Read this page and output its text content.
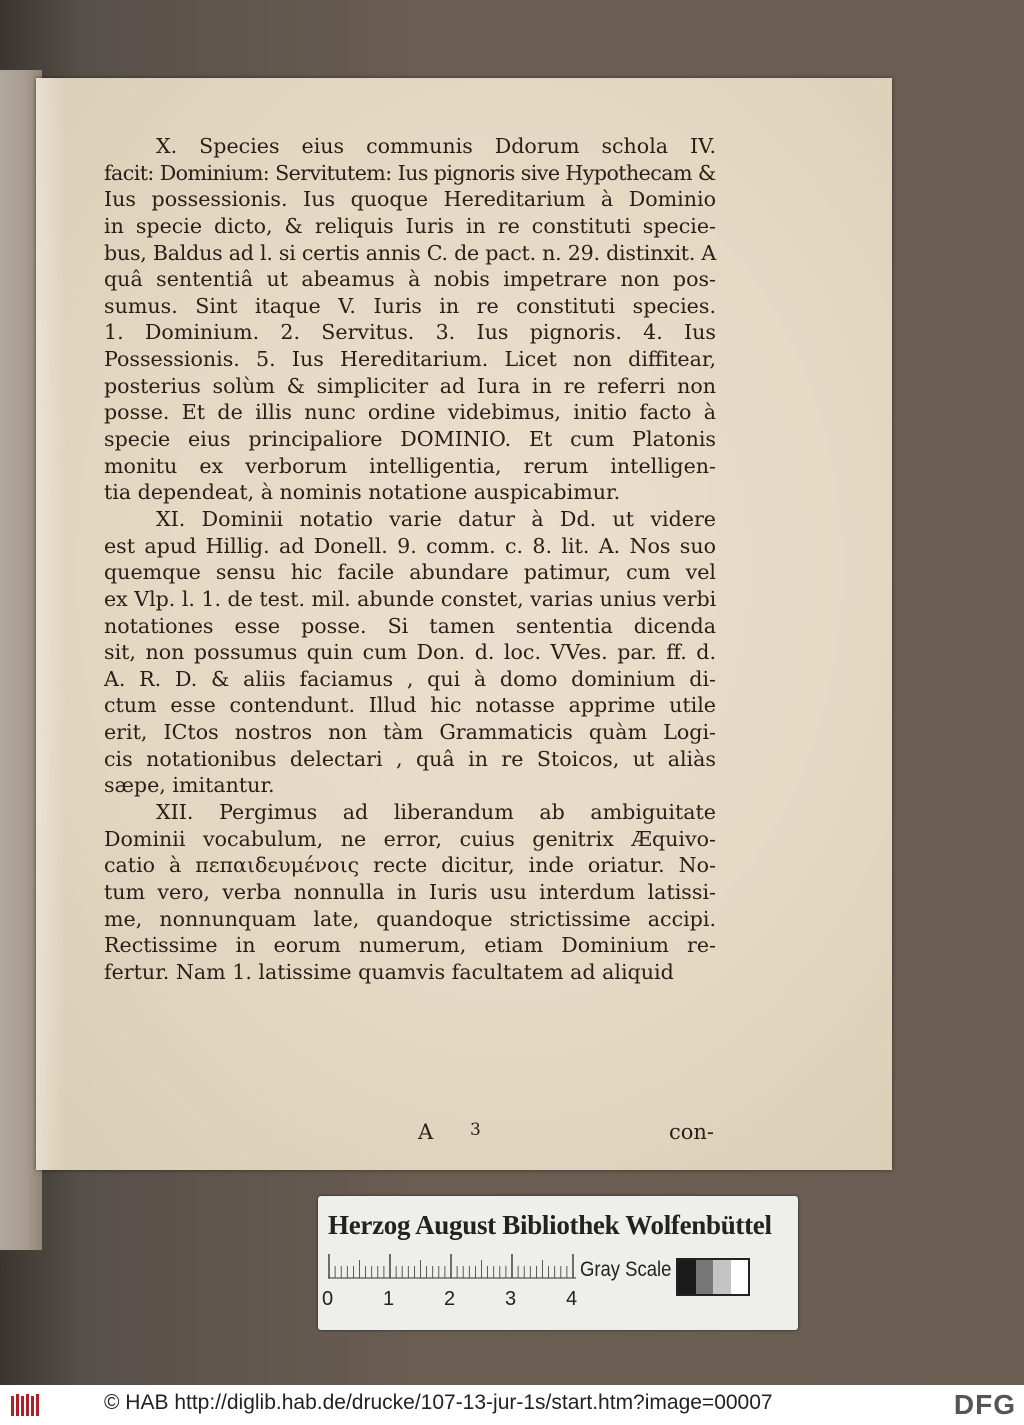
X. Species eius communis Ddorum schola IV.
facit: Dominium: Servitutem: Ius pignoris sive Hypothecam &
Ius possessionis. Ius quoque Hereditarium à Dominio
in specie dicto, & reliquis Iuris in re constituti specie-
bus, Baldus ad l. si certis annis C. de pact. n. 29. distinxit. A
quâ sententiâ ut abeamus à nobis impetrare non pos-
sumus. Sint itaque V. Iuris in re constituti species.
1. Dominium. 2. Servitus. 3. Ius pignoris. 4. Ius
Possessionis. 5. Ius Hereditarium. Licet non diffitear,
posterius solùm & simpliciter ad Iura in re referri non
posse. Et de illis nunc ordine videbimus, initio facto à
specie eius principaliore DOMINIO. Et cum Platonis
monitu ex verborum intelligentia, rerum intelligen-
tia dependeat, à nominis notatione auspicabimur.
XI. Dominii notatio varie datur à Dd. ut videre
est apud Hillig. ad Donell. 9. comm. c. 8. lit. A. Nos suo
quemque sensu hic facile abundare patimur, cum vel
ex Vlp. l. 1. de test. mil. abunde constet, varias unius verbi
notationes esse posse. Si tamen sententia dicenda
sit, non possumus quin cum Don. d. loc. VVes. par. ff. d.
A. R. D. & aliis faciamus , qui à domo dominium di-
ctum esse contendunt. Illud hic notasse apprime utile
erit, ICtos nostros non tàm Grammaticis quàm Logi-
cis notationibus delectari , quâ in re Stoicos, ut aliàs
sæpe, imitantur.
XII. Pergimus ad liberandum ab ambiguitate
Dominii vocabulum, ne error, cuius genitrix Æquivo-
catio à πεπαιδευμένοις recte dicitur, inde oriatur. No-
tum vero, verba nonnulla in Iuris usu interdum latissi-
me, nonnunquam late, quandoque strictissime accipi.
Rectissime in eorum numerum, etiam Dominium re-
fertur. Nam 1. latissime quamvis facultatem ad aliquid
A 3	con-
Herzog August Bibliothek Wolfenbüttel
0 1 2 3 4
Gray Scale
© HAB http://diglib.hab.de/drucke/107-13-jur-1s/start.htm?image=00007	DFG
